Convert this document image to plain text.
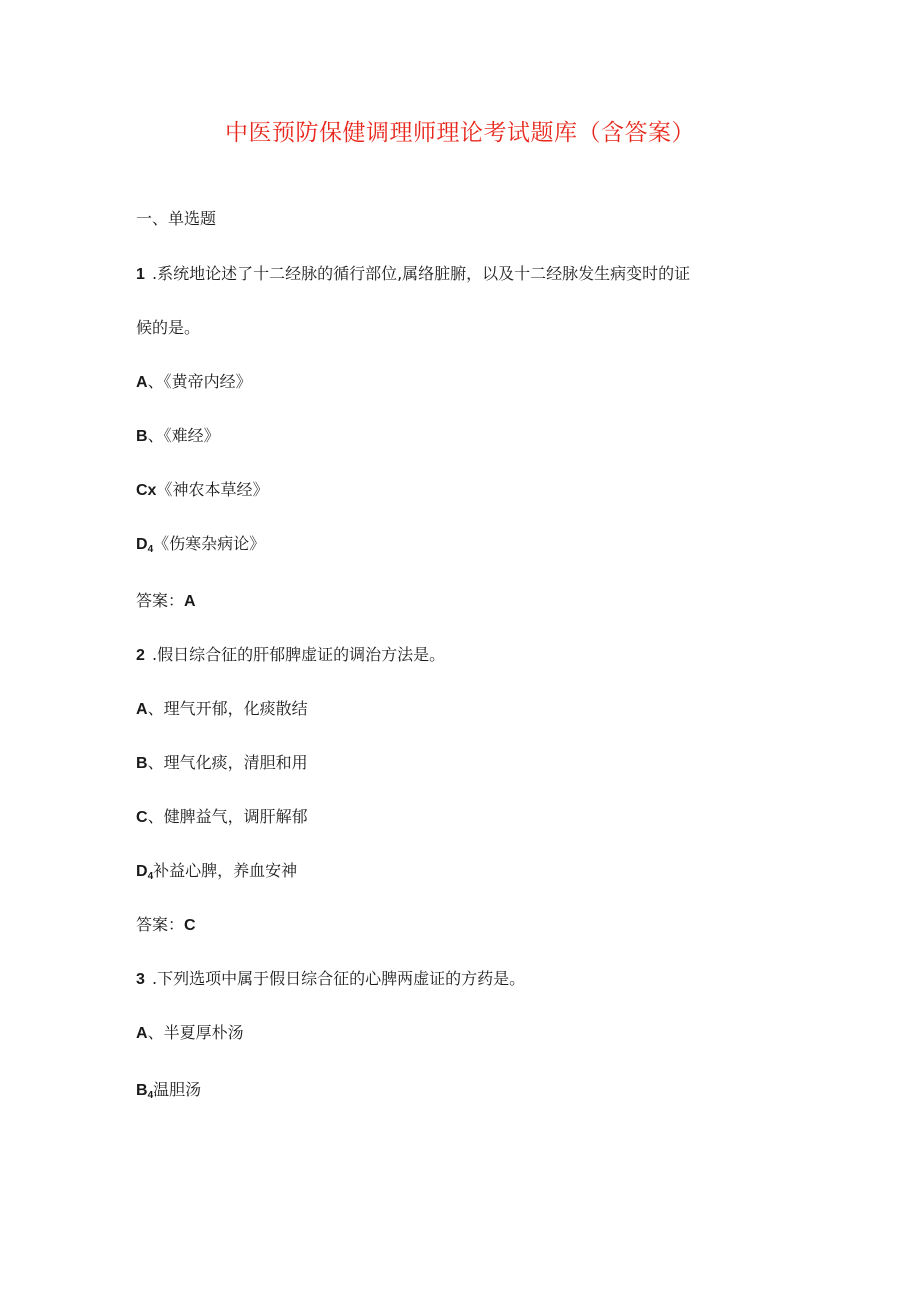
中医预防保健调理师理论考试题库（含答案）
一、单选题
1 .系统地论述了十二经脉的循行部位,属络脏腑，以及十二经脉发生病变时的证
候的是。
A、《黄帝内经》
B、《难经》
Cx《神农本草经》
$D_4$《伤寒杂病论》
答案：A
2 .假日综合征的肝郁脾虚证的调治方法是。
A、理气开郁，化痰散结
B、理气化痰，清胆和用
C、健脾益气，调肝解郁
$D_4$补益心脾，养血安神
答案：C
3 .下列选项中属于假日综合征的心脾两虚证的方药是。
A、半夏厚朴汤
$B_4$温胆汤
